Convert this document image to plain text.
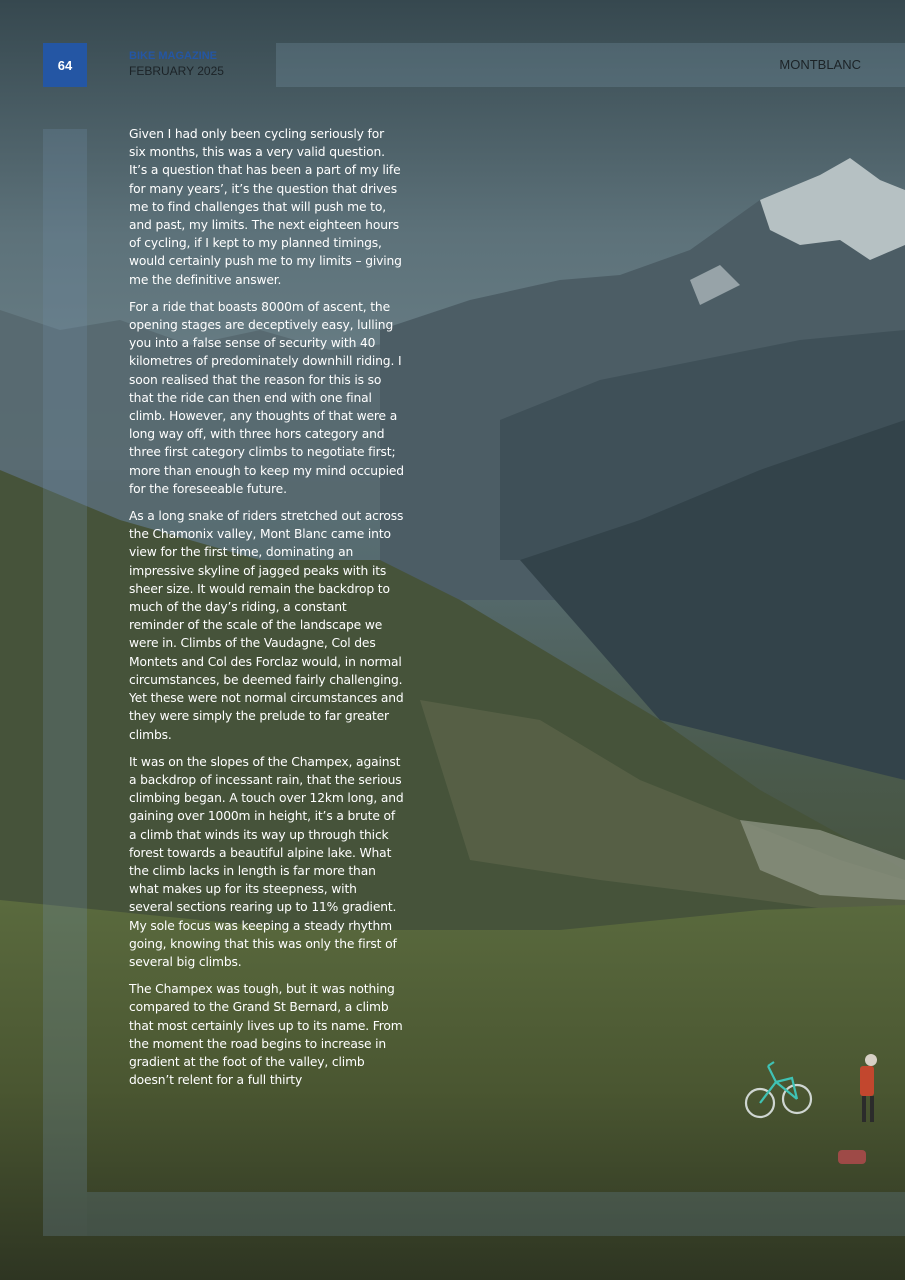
64
BIKE MAGAZINE
FEBRUARY 2025	MONTBLANC

Given I had only been cycling seriously for six months, this was a very valid question. It’s a question that has been a part of my life for many years’, it’s the question that drives me to find challenges that will push me to, and past, my limits. The next eighteen hours of cycling, if I kept to my planned timings, would certainly push me to my limits – giving me the definitive answer.

For a ride that boasts 8000m of ascent, the opening stages are deceptively easy, lulling you into a false sense of security with 40 kilometres of predominately downhill riding. I soon realised that the reason for this is so that the ride can then end with one final climb. However, any thoughts of that were a long way off, with three hors category and three first category climbs to negotiate first; more than enough to keep my mind occupied for the foreseeable future.

As a long snake of riders stretched out across the Chamonix valley, Mont Blanc came into view for the first time, dominating an impressive skyline of jagged peaks with its sheer size. It would remain the backdrop to much of the day’s riding, a constant reminder of the scale of the landscape we were in. Climbs of the Vaudagne, Col des Montets and Col des Forclaz would, in normal circumstances, be deemed fairly challenging. Yet these were not normal circumstances and they were simply the prelude to far greater climbs.

It was on the slopes of the Champex, against a backdrop of incessant rain, that the serious climbing began. A touch over 12km long, and gaining over 1000m in height, it’s a brute of a climb that winds its way up through thick forest towards a beautiful alpine lake. What the climb lacks in length is far more than what makes up for its steepness, with several sections rearing up to 11% gradient. My sole focus was keeping a steady rhythm going, knowing that this was only the first of several big climbs.

The Champex was tough, but it was nothing compared to the Grand St Bernard, a climb that most certainly lives up to its name. From the moment the road begins to increase in gradient at the foot of the valley, climb doesn’t relent for a full thirty
